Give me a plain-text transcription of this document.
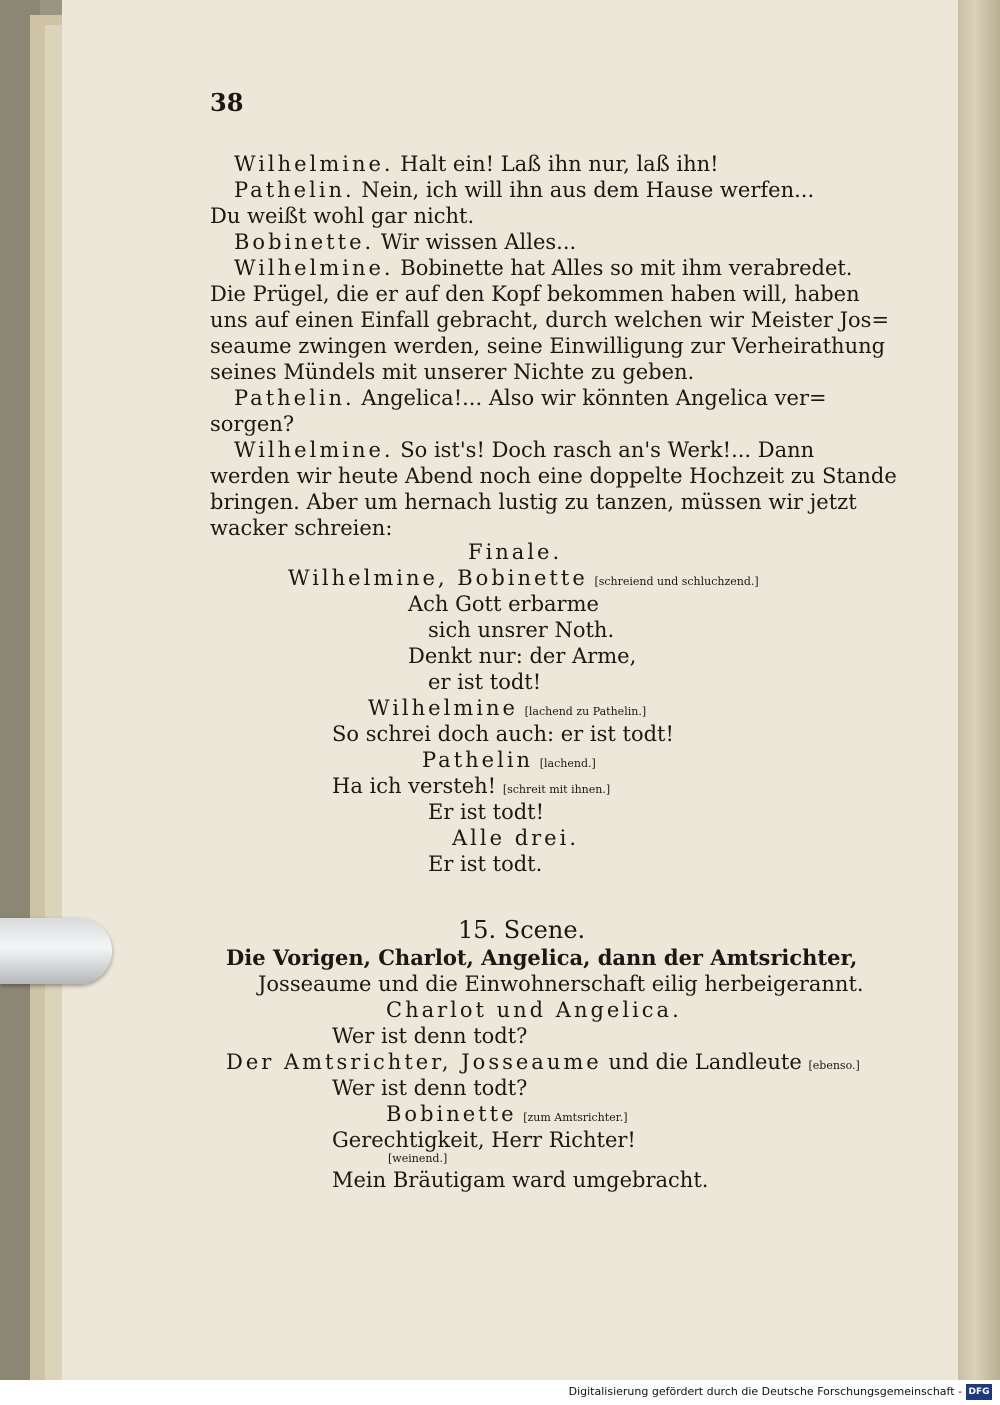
38
Wilhelmine. Halt ein! Laß ihn nur, laß ihn!
Pathelin. Nein, ich will ihn aus dem Hause werfen...
Du weißt wohl gar nicht.
Bobinette. Wir wissen Alles...
Wilhelmine. Bobinette hat Alles so mit ihm verabredet.
Die Prügel, die er auf den Kopf bekommen haben will, haben
uns auf einen Einfall gebracht, durch welchen wir Meister Jos=
seaume zwingen werden, seine Einwilligung zur Verheirathung
seines Mündels mit unserer Nichte zu geben.
Pathelin. Angelica!... Also wir könnten Angelica ver=
sorgen?
Wilhelmine. So ist's! Doch rasch an's Werk!... Dann
werden wir heute Abend noch eine doppelte Hochzeit zu Stande
bringen. Aber um hernach lustig zu tanzen, müssen wir jetzt
wacker schreien:
Finale.
Wilhelmine, Bobinette [schreiend und schluchzend.]
Ach Gott erbarme
sich unsrer Noth.
Denkt nur: der Arme,
er ist todt!
Wilhelmine [lachend zu Pathelin.]
So schrei doch auch: er ist todt!
Pathelin [lachend.]
Ha ich versteh! [schreit mit ihnen.]
Er ist todt!
Alle drei.
Er ist todt.
15. Scene.
Die Vorigen, Charlot, Angelica, dann der Amtsrichter,
Josseaume und die Einwohnerschaft eilig herbeigerannt.
Charlot und Angelica.
Wer ist denn todt?
Der Amtsrichter, Josseaume und die Landleute [ebenso.]
Wer ist denn todt?
Bobinette [zum Amtsrichter.]
Gerechtigkeit, Herr Richter!
[weinend.]
Mein Bräutigam ward umgebracht.
Digitalisierung gefördert durch die Deutsche Forschungsgemeinschaft - DFG
